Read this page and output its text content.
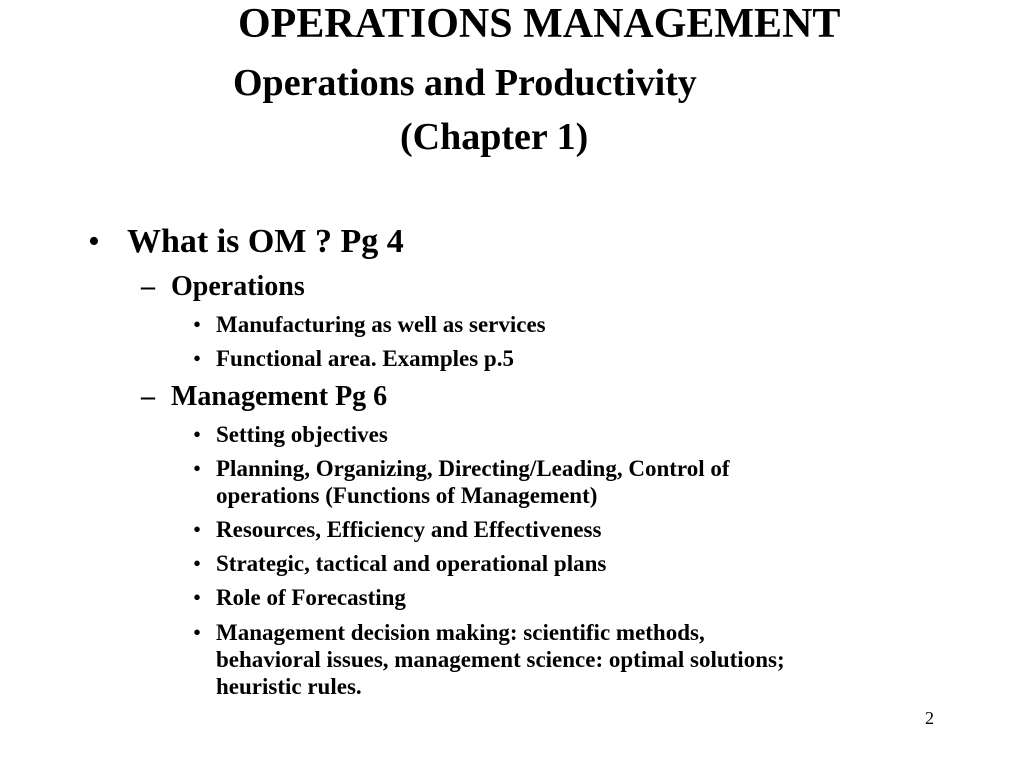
OPERATIONS MANAGEMENT
Operations and Productivity
(Chapter 1)
• What is OM ? Pg 4
– Operations
• Manufacturing as well as services
• Functional area. Examples p.5
– Management Pg 6
• Setting objectives
• Planning, Organizing, Directing/Leading, Control of
operations (Functions of Management)
• Resources, Efficiency and Effectiveness
• Strategic, tactical and operational plans
• Role of Forecasting
• Management decision making: scientific methods,
behavioral issues, management science: optimal solutions;
heuristic rules.
2
